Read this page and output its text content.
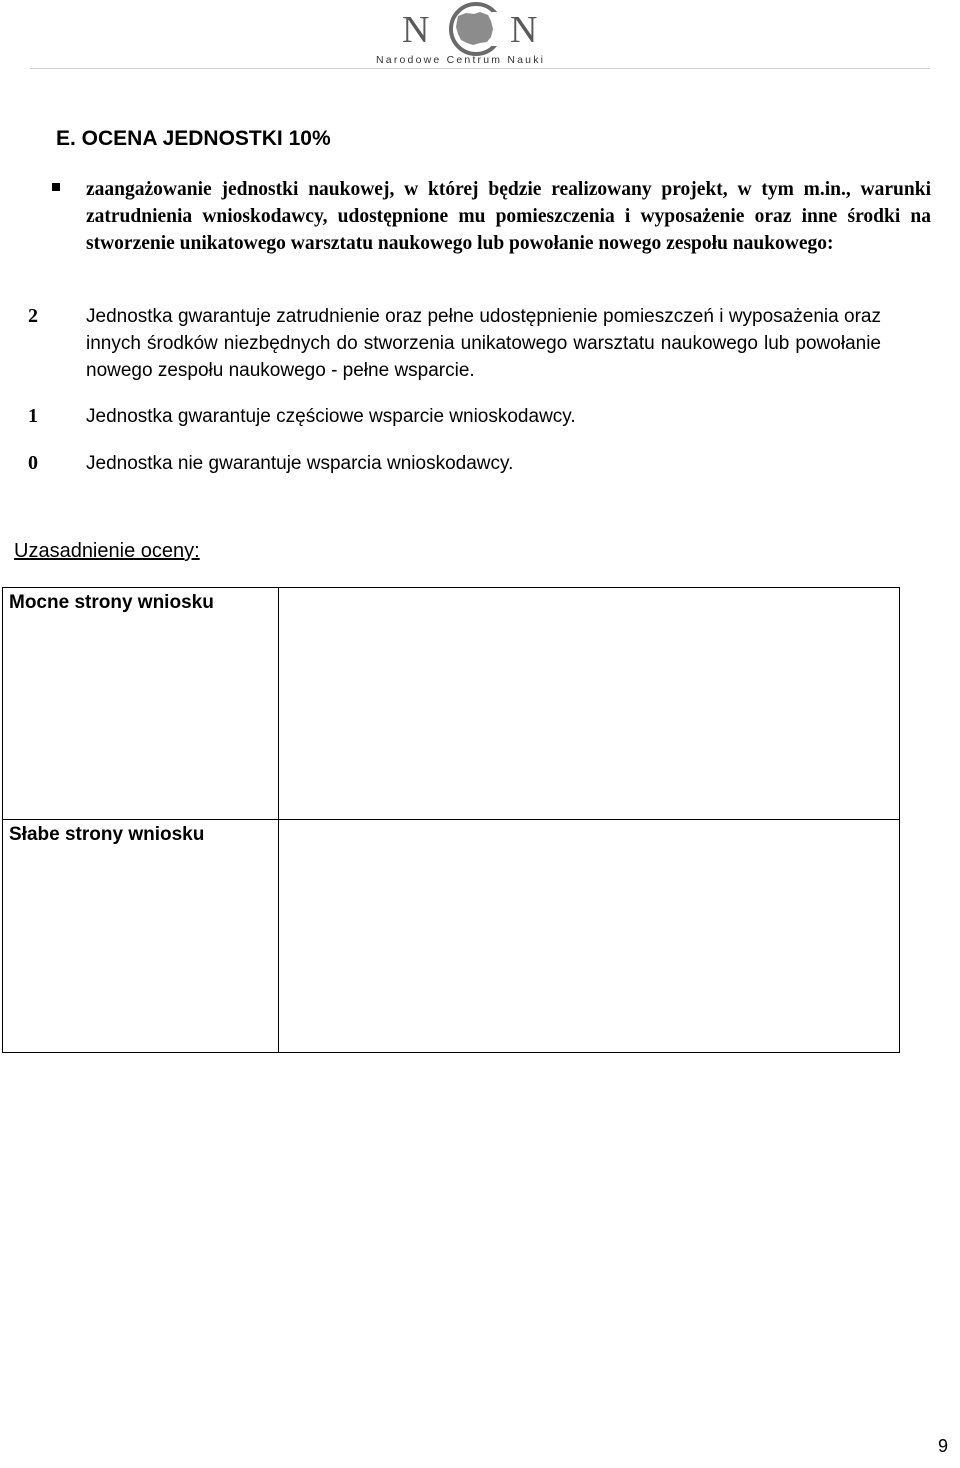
N N
Narodowe Centrum Nauki
E. OCENA JEDNOSTKI 10%
zaangażowanie jednostki naukowej, w której będzie realizowany projekt, w tym m.in., warunki zatrudnienia wnioskodawcy, udostępnione mu pomieszczenia i wyposażenie oraz inne środki na stworzenie unikatowego warsztatu naukowego lub powołanie nowego zespołu naukowego:
2	Jednostka gwarantuje zatrudnienie oraz pełne udostępnienie pomieszczeń i wyposażenia oraz innych środków niezbędnych do stworzenia unikatowego warsztatu naukowego lub powołanie nowego zespołu naukowego - pełne wsparcie.
1	Jednostka gwarantuje częściowe wsparcie wnioskodawcy.
0	Jednostka nie gwarantuje wsparcia wnioskodawcy.
Uzasadnienie oceny:
Mocne strony wniosku	
Słabe strony wniosku	
9
